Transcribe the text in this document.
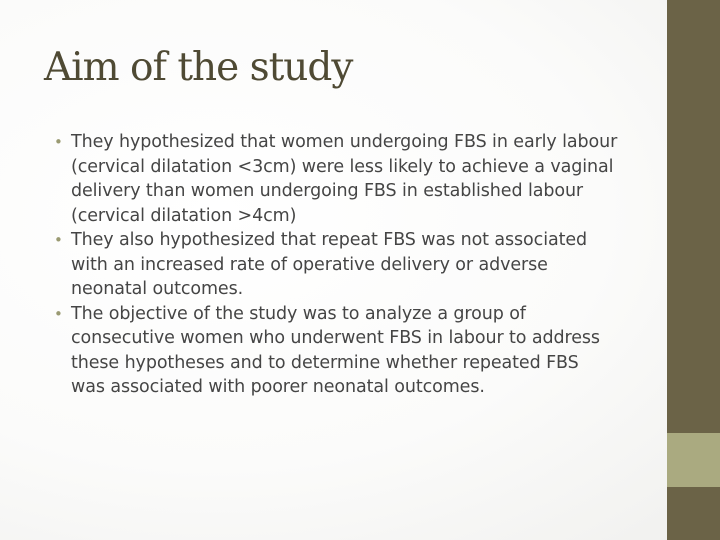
Aim of the study
• They hypothesized that women undergoing FBS in early labour
(cervical dilatation <3cm) were less likely to achieve a vaginal
delivery than women undergoing FBS in established labour
(cervical dilatation >4cm)
• They also hypothesized that repeat FBS was not associated
with an increased rate of operative delivery or adverse
neonatal outcomes.
• The objective of the study was to analyze a group of
consecutive women who underwent FBS in labour to address
these hypotheses and to determine whether repeated FBS
was associated with poorer neonatal outcomes.
